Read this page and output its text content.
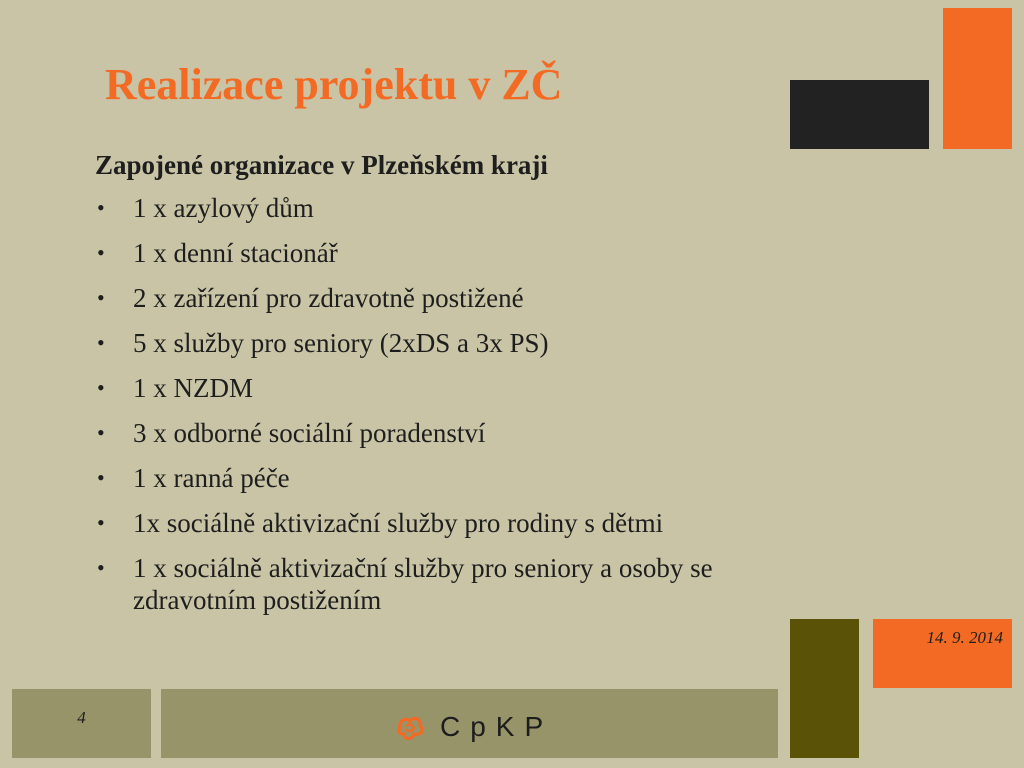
Realizace projektu v ZČ
Zapojené organizace v Plzeňském kraji
• 1 x azylový dům
• 1 x denní stacionář
• 2 x zařízení pro zdravotně postižené
• 5 x služby pro seniory (2xDS a 3x PS)
• 1 x NZDM
• 3 x odborné sociální poradenství
• 1 x ranná péče
• 1x sociálně aktivizační služby pro rodiny s dětmi
• 1 x sociálně aktivizační služby pro seniory a osoby se zdravotním postižením
14. 9. 2014
4	CpKP
